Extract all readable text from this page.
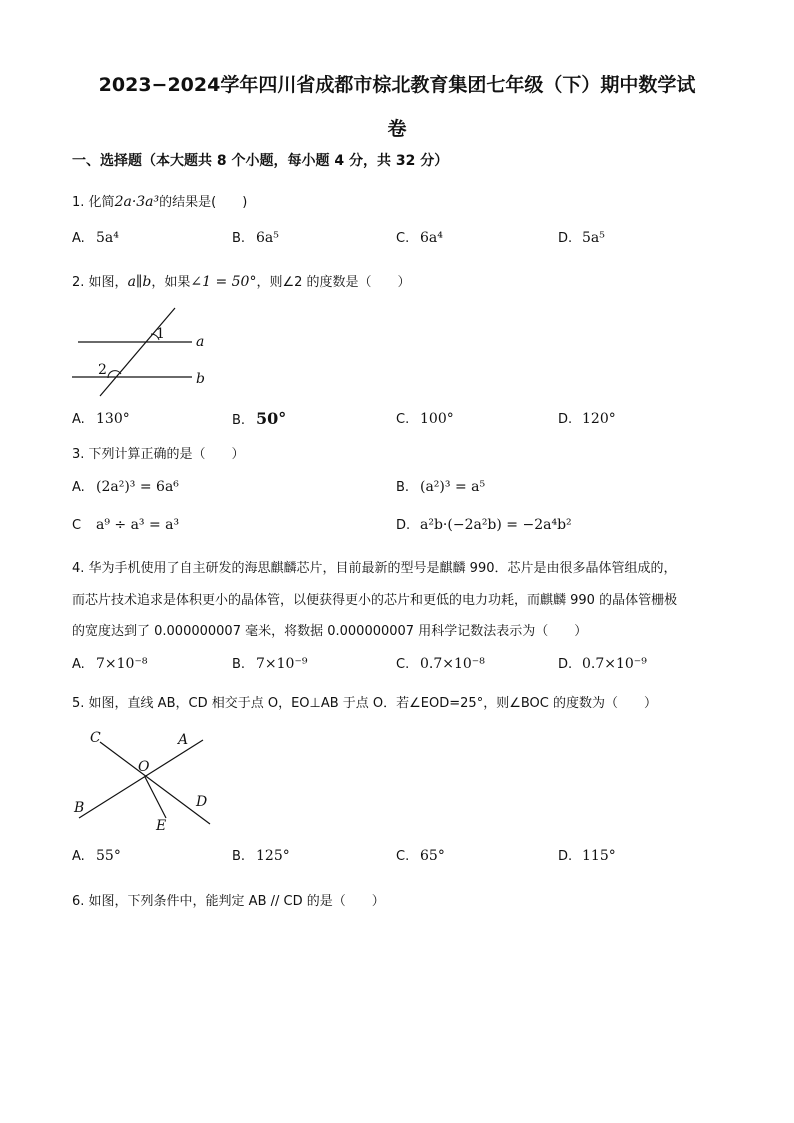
2023−2024学年四川省成都市棕北教育集团七年级（下）期中数学试
卷
一、选择题（本大题共 8 个小题，每小题 4 分，共 32 分）
1. 化简2a·3a³的结果是(　　)
A. 5a⁴	B. 6a⁵	C. 6a⁴	D. 5a⁵
2. 如图，a∥b，如果∠1 = 50°，则∠2 的度数是（　　）
1
2
a
b
A. 130°	B. 50°	C. 100°	D. 120°
3. 下列计算正确的是（　　）
A. (2a²)³ = 6a⁶	B. (a²)³ = a⁵
C a⁹ ÷ a³ = a³	D. a²b·(−2a²b) = −2a⁴b²
4. 华为手机使用了自主研发的海思麒麟芯片，目前最新的型号是麒麟 990．芯片是由很多晶体管组成的，
而芯片技术追求是体积更小的晶体管，以便获得更小的芯片和更低的电力功耗，而麒麟 990 的晶体管栅极
的宽度达到了 0.000000007 毫米，将数据 0.000000007 用科学记数法表示为（　　）
A. 7×10⁻⁸	B. 7×10⁻⁹	C. 0.7×10⁻⁸	D. 0.7×10⁻⁹
5. 如图，直线 AB，CD 相交于点 O，EO⊥AB 于点 O．若∠EOD=25°，则∠BOC 的度数为（　　）
C	A
O
B	D
E
A. 55°	B. 125°	C. 65°	D. 115°
6. 如图，下列条件中，能判定 AB // CD 的是（　　）
